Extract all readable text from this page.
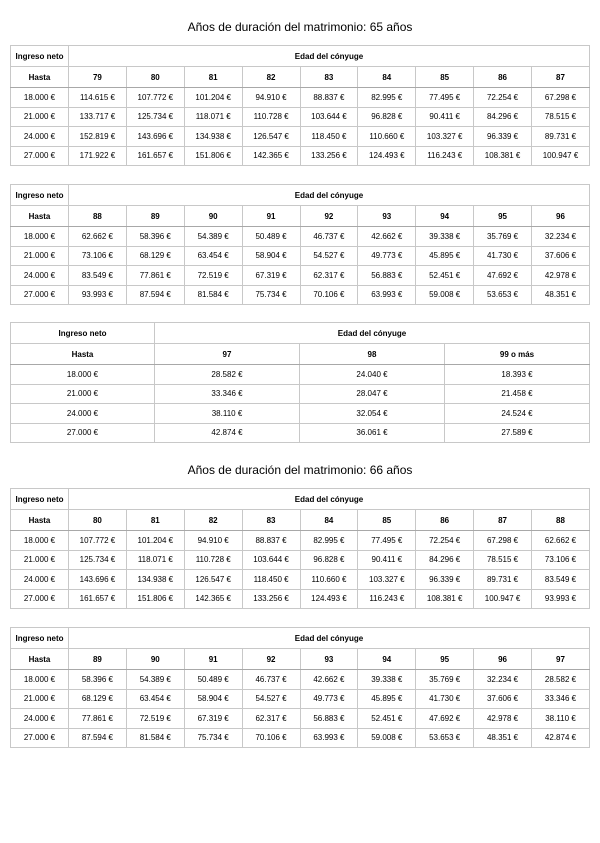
Años de duración del matrimonio: 65 años
Ingreso neto	Edad del cónyuge								
Hasta	79	80	81	82	83	84	85	86	87
18.000 €	114.615 €	107.772 €	101.204 €	94.910 €	88.837 €	82.995 €	77.495 €	72.254 €	67.298 €
21.000 €	133.717 €	125.734 €	118.071 €	110.728 €	103.644 €	96.828 €	90.411 €	84.296 €	78.515 €
24.000 €	152.819 €	143.696 €	134.938 €	126.547 €	118.450 €	110.660 €	103.327 €	96.339 €	89.731 €
27.000 €	171.922 €	161.657 €	151.806 €	142.365 €	133.256 €	124.493 €	116.243 €	108.381 €	100.947 €
Ingreso neto	Edad del cónyuge								
Hasta	88	89	90	91	92	93	94	95	96
18.000 €	62.662 €	58.396 €	54.389 €	50.489 €	46.737 €	42.662 €	39.338 €	35.769 €	32.234 €
21.000 €	73.106 €	68.129 €	63.454 €	58.904 €	54.527 €	49.773 €	45.895 €	41.730 €	37.606 €
24.000 €	83.549 €	77.861 €	72.519 €	67.319 €	62.317 €	56.883 €	52.451 €	47.692 €	42.978 €
27.000 €	93.993 €	87.594 €	81.584 €	75.734 €	70.106 €	63.993 €	59.008 €	53.653 €	48.351 €
Ingreso neto	Edad del cónyuge		
Hasta	97	98	99 o más
18.000 €	28.582 €	24.040 €	18.393 €
21.000 €	33.346 €	28.047 €	21.458 €
24.000 €	38.110 €	32.054 €	24.524 €
27.000 €	42.874 €	36.061 €	27.589 €
Años de duración del matrimonio: 66 años
Ingreso neto	Edad del cónyuge								
Hasta	80	81	82	83	84	85	86	87	88
18.000 €	107.772 €	101.204 €	94.910 €	88.837 €	82.995 €	77.495 €	72.254 €	67.298 €	62.662 €
21.000 €	125.734 €	118.071 €	110.728 €	103.644 €	96.828 €	90.411 €	84.296 €	78.515 €	73.106 €
24.000 €	143.696 €	134.938 €	126.547 €	118.450 €	110.660 €	103.327 €	96.339 €	89.731 €	83.549 €
27.000 €	161.657 €	151.806 €	142.365 €	133.256 €	124.493 €	116.243 €	108.381 €	100.947 €	93.993 €
Ingreso neto	Edad del cónyuge								
Hasta	89	90	91	92	93	94	95	96	97
18.000 €	58.396 €	54.389 €	50.489 €	46.737 €	42.662 €	39.338 €	35.769 €	32.234 €	28.582 €
21.000 €	68.129 €	63.454 €	58.904 €	54.527 €	49.773 €	45.895 €	41.730 €	37.606 €	33.346 €
24.000 €	77.861 €	72.519 €	67.319 €	62.317 €	56.883 €	52.451 €	47.692 €	42.978 €	38.110 €
27.000 €	87.594 €	81.584 €	75.734 €	70.106 €	63.993 €	59.008 €	53.653 €	48.351 €	42.874 €
